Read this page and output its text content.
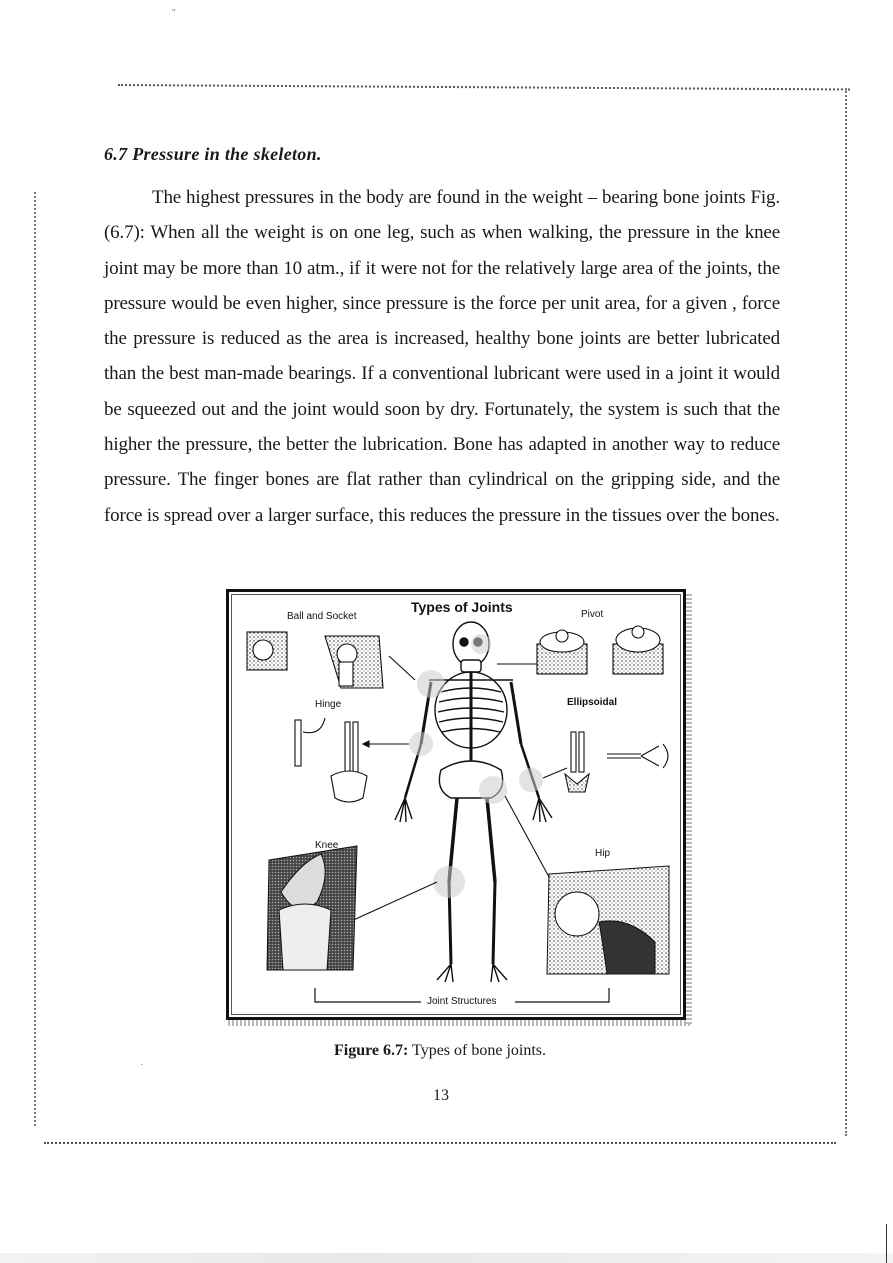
''
·
6.7 Pressure in the skeleton.

The highest pressures in the body are found in the weight – bearing bone joints Fig. (6.7): When all the weight is on one leg, such as when walking, the pressure in the knee joint may be more than 10 atm., if it were not for the relatively large area of the joints, the pressure would be even higher, since pressure is the force per unit area, for a given , force the pressure is reduced as the area is increased, healthy bone joints are better lubricated than the best man-made bearings. If a conventional lubricant were used in a joint it would be squeezed out and the joint would soon by dry. Fortunately, the system is such that the higher the pressure, the better the lubrication. Bone has adapted in another way to reduce pressure. The finger bones are flat rather than cylindrical on the gripping side, and the force is spread over a larger surface, this reduces the pressure in the tissues over the bones.

Types of Joints
Ball and Socket	Pivot
Hinge	Ellipsoidal
Knee
Hip
Joint Structures
Figure 6.7: Types of bone joints.
13
